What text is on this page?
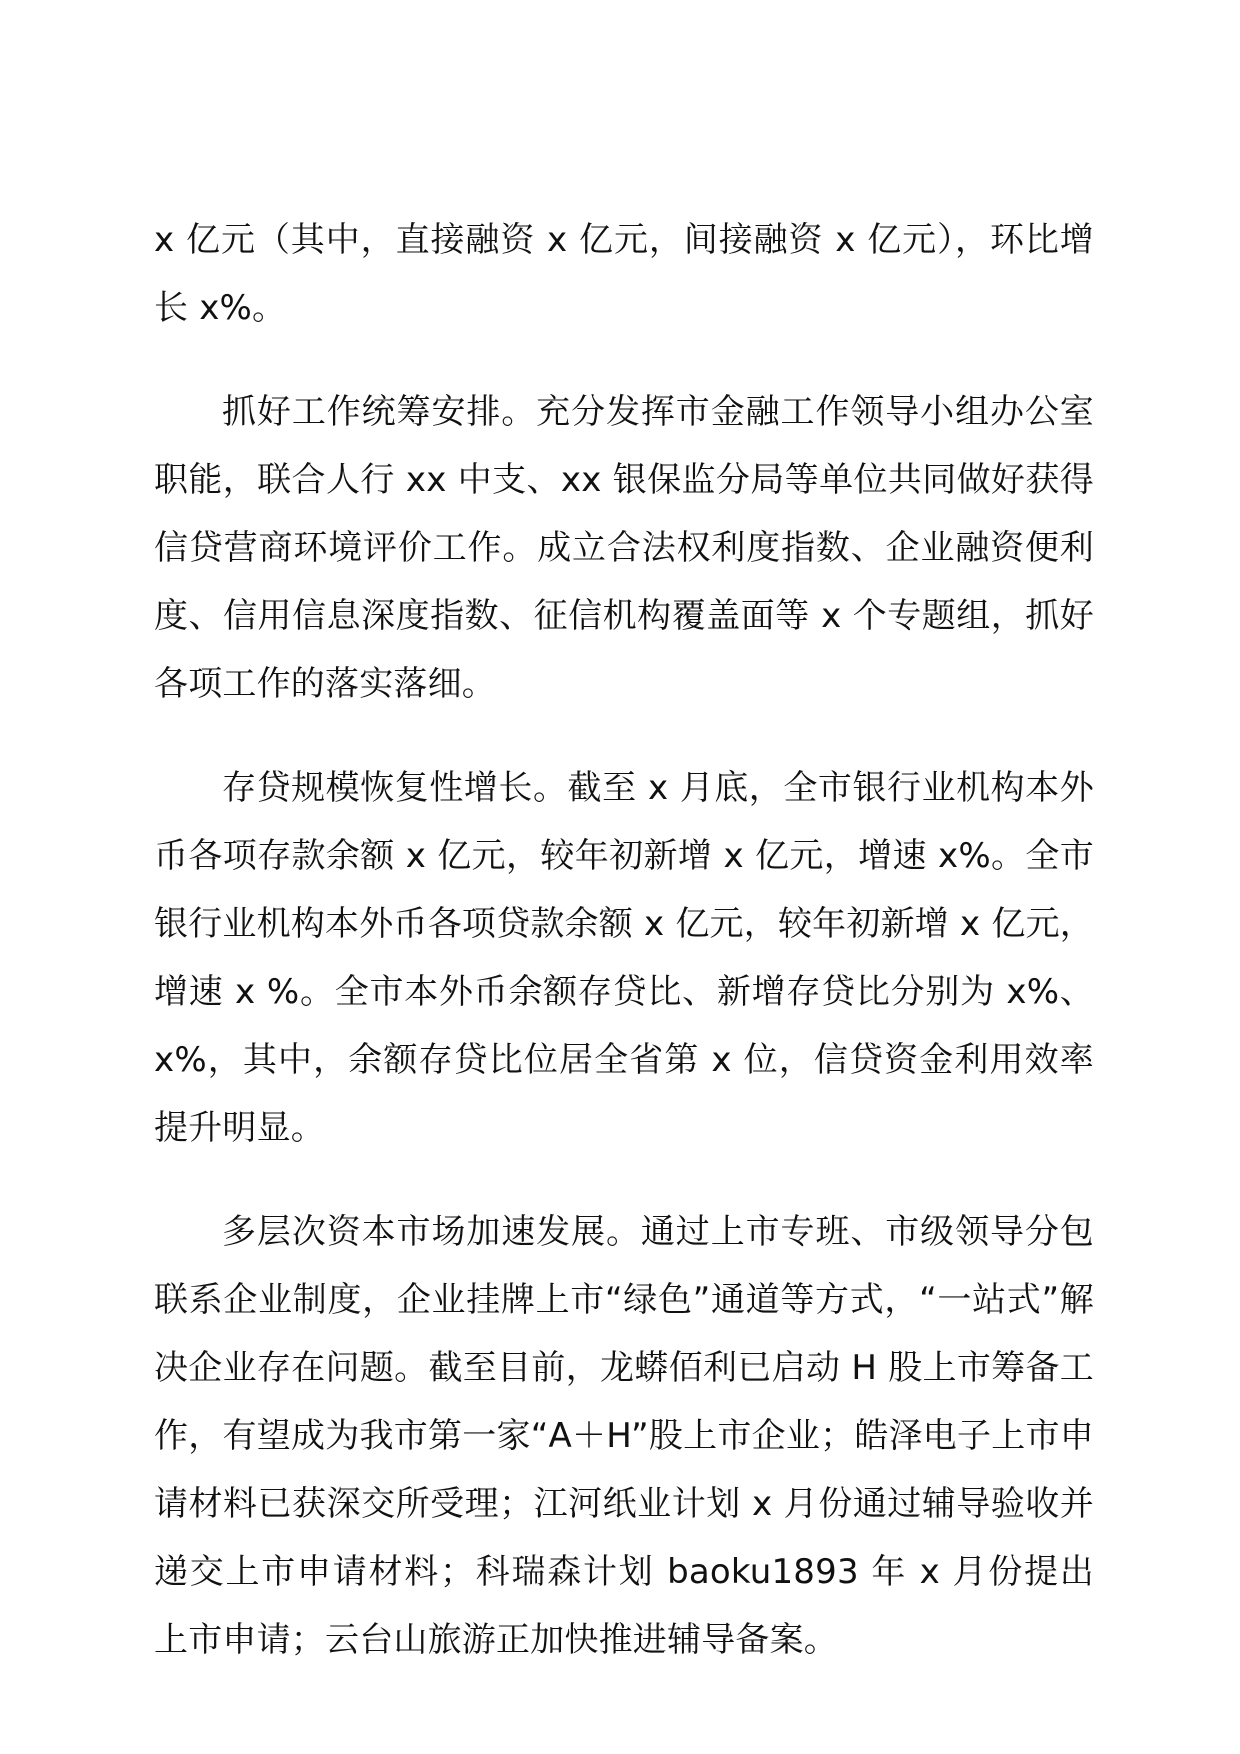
x 亿元（其中，直接融资 x 亿元，间接融资 x 亿元），环比增长 x%。

抓好工作统筹安排。充分发挥市金融工作领导小组办公室职能，联合人行 xx 中支、xx 银保监分局等单位共同做好获得信贷营商环境评价工作。成立合法权利度指数、企业融资便利度、信用信息深度指数、征信机构覆盖面等 x 个专题组，抓好各项工作的落实落细。

存贷规模恢复性增长。截至 x 月底，全市银行业机构本外币各项存款余额 x 亿元，较年初新增 x 亿元，增速 x%。全市银行业机构本外币各项贷款余额 x 亿元，较年初新增 x 亿元，增速 x %。全市本外币余额存贷比、新增存贷比分别为 x%、x%，其中，余额存贷比位居全省第 x 位，信贷资金利用效率提升明显。

多层次资本市场加速发展。通过上市专班、市级领导分包联系企业制度，企业挂牌上市“绿色”通道等方式，“一站式”解决企业存在问题。截至目前，龙蟒佰利已启动 H 股上市筹备工作，有望成为我市第一家“A＋H”股上市企业；皓泽电子上市申请材料已获深交所受理；江河纸业计划 x 月份通过辅导验收并递交上市申请材料；科瑞森计划 baoku1893 年 x 月份提出上市申请；云台山旅游正加快推进辅导备案。
